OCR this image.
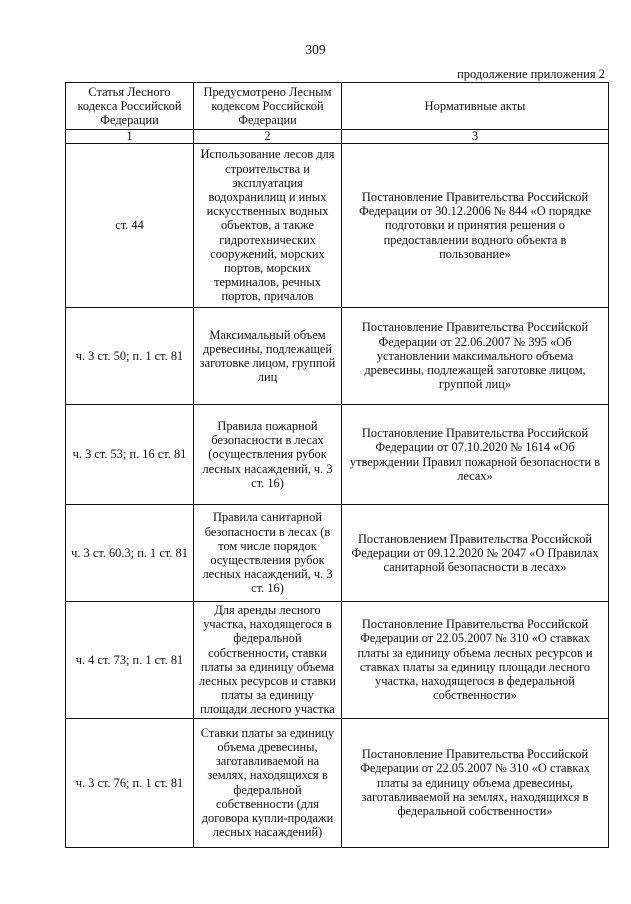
309
продолжение приложения 2
Статья Лесного кодекса Российской Федерации	Предусмотрено Лесным кодексом Российской Федерации	Нормативные акты
1	2	3
ст. 44	Использование лесов для строительства и эксплуатация водохранилищ и иных искусственных водных объектов, а также гидротехнических сооружений, морских портов, морских терминалов, речных портов, причалов	Постановление Правительства Российской Федерации от 30.12.2006 № 844 «О порядке подготовки и принятия решения о предоставлении водного объекта в пользование»
ч. 3 ст. 50; п. 1 ст. 81	Максимальный объем древесины, подлежащей заготовке лицом, группой лиц	Постановление Правительства Российской Федерации от 22.06.2007 № 395 «Об установлении максимального объема древесины, подлежащей заготовке лицом, группой лиц»
ч. 3 ст. 53; п. 16 ст. 81	Правила пожарной безопасности в лесах (осуществления рубок лесных насаждений, ч. 3 ст. 16)	Постановление Правительства Российской Федерации от 07.10.2020 № 1614 «Об утверждении Правил пожарной безопасности в лесах»
ч. 3 ст. 60.3; п. 1 ст. 81	Правила санитарной безопасности в лесах (в том числе порядок осуществления рубок лесных насаждений, ч. 3 ст. 16)	Постановлением Правительства Российской Федерации от 09.12.2020 № 2047 «О Правилах санитарной безопасности в лесах»
ч. 4 ст. 73; п. 1 ст. 81	Для аренды лесного участка, находящегося в федеральной собственности, ставки платы за единицу объема лесных ресурсов и ставки платы за единицу площади лесного участка	Постановление Правительства Российской Федерации от 22.05.2007 № 310 «О ставках платы за единицу объема лесных ресурсов и ставках платы за единицу площади лесного участка, находящегося в федеральной собственности»
ч. 3 ст. 76; п. 1 ст. 81	Ставки платы за единицу объема древесины, заготавливаемой на землях, находящихся в федеральной собственности (для договора купли-продажи лесных насаждений)	Постановление Правительства Российской Федерации от 22.05.2007 № 310 «О ставках платы за единицу объема древесины, заготавливаемой на землях, находящихся в федеральной собственности»
